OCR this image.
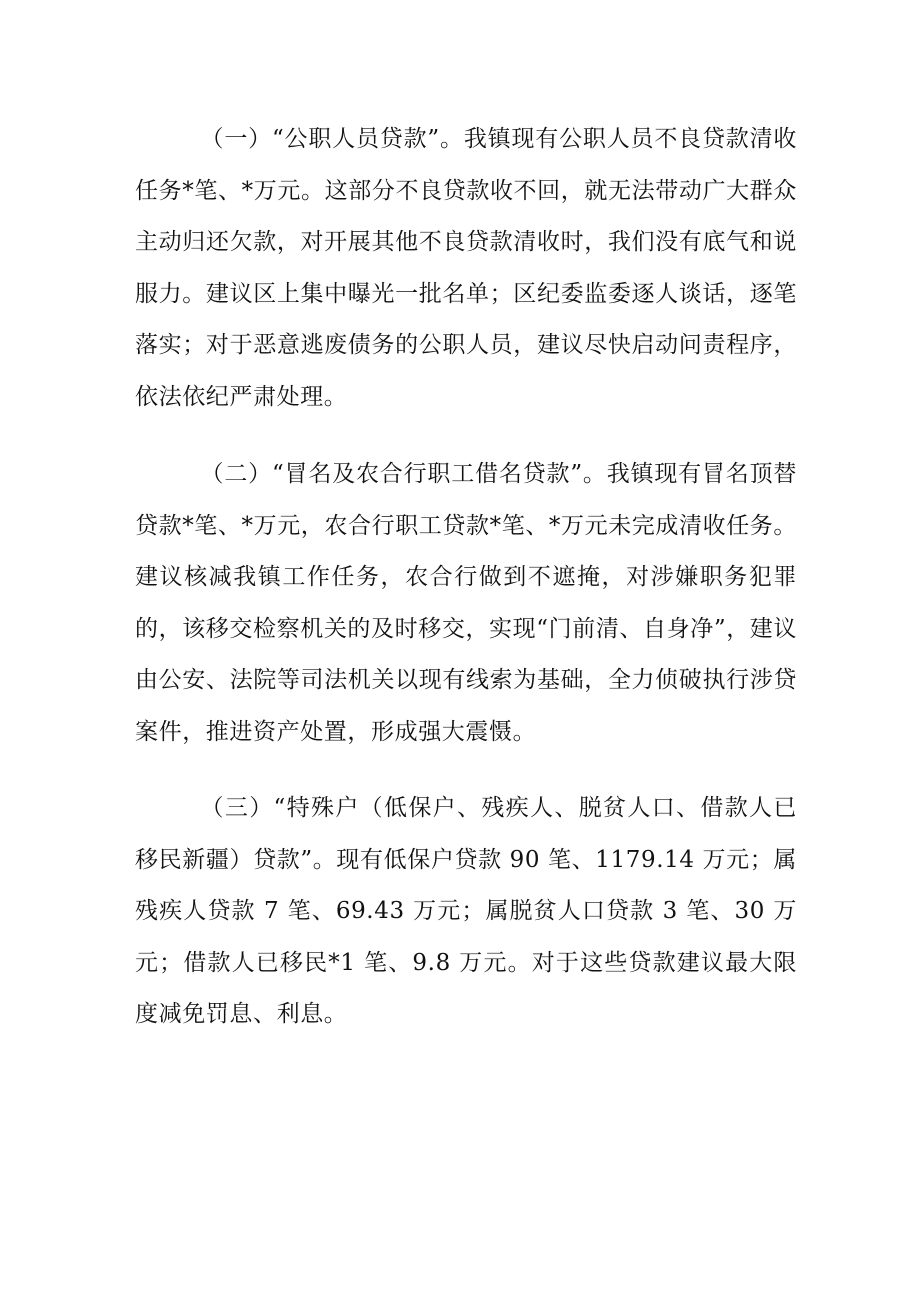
（一）“公职人员贷款”。我镇现有公职人员不良贷款清收任务*笔、*万元。这部分不良贷款收不回，就无法带动广大群众主动归还欠款，对开展其他不良贷款清收时，我们没有底气和说服力。建议区上集中曝光一批名单；区纪委监委逐人谈话，逐笔落实；对于恶意逃废债务的公职人员，建议尽快启动问责程序，依法依纪严肃处理。

（二）“冒名及农合行职工借名贷款”。我镇现有冒名顶替贷款*笔、*万元，农合行职工贷款*笔、*万元未完成清收任务。建议核减我镇工作任务，农合行做到不遮掩，对涉嫌职务犯罪的，该移交检察机关的及时移交，实现“门前清、自身净”，建议由公安、法院等司法机关以现有线索为基础，全力侦破执行涉贷案件，推进资产处置，形成强大震慑。

（三）“特殊户（低保户、残疾人、脱贫人口、借款人已移民新疆）贷款”。现有低保户贷款 90 笔、1179.14 万元；属残疾人贷款 7 笔、69.43 万元；属脱贫人口贷款 3 笔、30 万元；借款人已移民*1 笔、9.8 万元。对于这些贷款建议最大限度减免罚息、利息。
